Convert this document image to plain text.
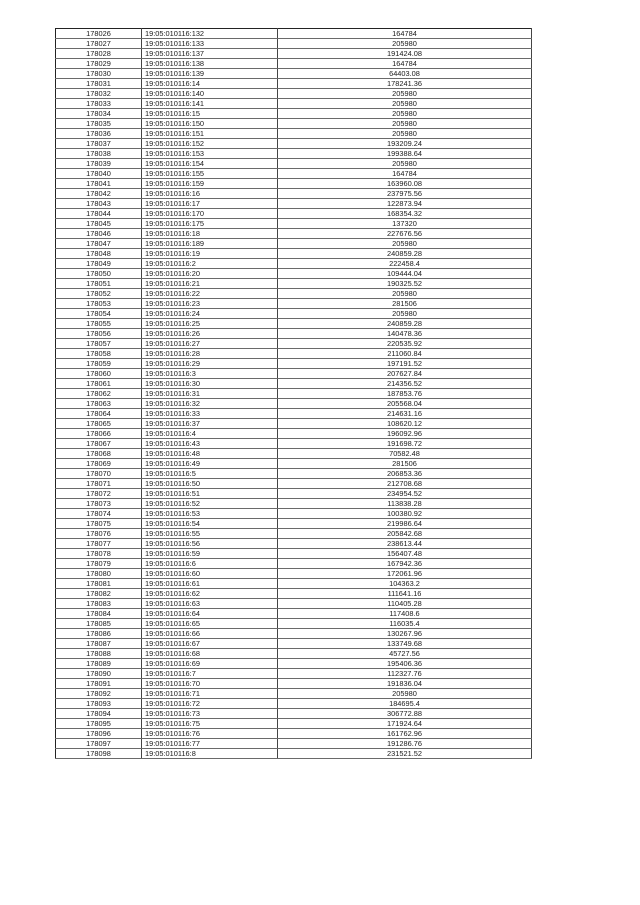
178026	19:05:010116:132	164784
178027	19:05:010116:133	205980
178028	19:05:010116:137	191424.08
178029	19:05:010116:138	164784
178030	19:05:010116:139	64403.08
178031	19:05:010116:14	178241.36
178032	19:05:010116:140	205980
178033	19:05:010116:141	205980
178034	19:05:010116:15	205980
178035	19:05:010116:150	205980
178036	19:05:010116:151	205980
178037	19:05:010116:152	193209.24
178038	19:05:010116:153	199388.64
178039	19:05:010116:154	205980
178040	19:05:010116:155	164784
178041	19:05:010116:159	163960.08
178042	19:05:010116:16	237975.56
178043	19:05:010116:17	122873.94
178044	19:05:010116:170	168354.32
178045	19:05:010116:175	137320
178046	19:05:010116:18	227676.56
178047	19:05:010116:189	205980
178048	19:05:010116:19	240859.28
178049	19:05:010116:2	222458.4
178050	19:05:010116:20	109444.04
178051	19:05:010116:21	190325.52
178052	19:05:010116:22	205980
178053	19:05:010116:23	281506
178054	19:05:010116:24	205980
178055	19:05:010116:25	240859.28
178056	19:05:010116:26	140478.36
178057	19:05:010116:27	220535.92
178058	19:05:010116:28	211060.84
178059	19:05:010116:29	197191.52
178060	19:05:010116:3	207627.84
178061	19:05:010116:30	214356.52
178062	19:05:010116:31	187853.76
178063	19:05:010116:32	205568.04
178064	19:05:010116:33	214631.16
178065	19:05:010116:37	108620.12
178066	19:05:010116:4	196092.96
178067	19:05:010116:43	191698.72
178068	19:05:010116:48	70582.48
178069	19:05:010116:49	281506
178070	19:05:010116:5	206853.36
178071	19:05:010116:50	212708.68
178072	19:05:010116:51	234954.52
178073	19:05:010116:52	113838.28
178074	19:05:010116:53	100380.92
178075	19:05:010116:54	219986.64
178076	19:05:010116:55	205842.68
178077	19:05:010116:56	238613.44
178078	19:05:010116:59	156407.48
178079	19:05:010116:6	167942.36
178080	19:05:010116:60	172061.96
178081	19:05:010116:61	104363.2
178082	19:05:010116:62	111641.16
178083	19:05:010116:63	110405.28
178084	19:05:010116:64	117408.6
178085	19:05:010116:65	116035.4
178086	19:05:010116:66	130267.96
178087	19:05:010116:67	133749.68
178088	19:05:010116:68	45727.56
178089	19:05:010116:69	195406.36
178090	19:05:010116:7	112327.76
178091	19:05:010116:70	191836.04
178092	19:05:010116:71	205980
178093	19:05:010116:72	184695.4
178094	19:05:010116:73	306772.88
178095	19:05:010116:75	171924.64
178096	19:05:010116:76	161762.96
178097	19:05:010116:77	191286.76
178098	19:05:010116:8	231521.52
